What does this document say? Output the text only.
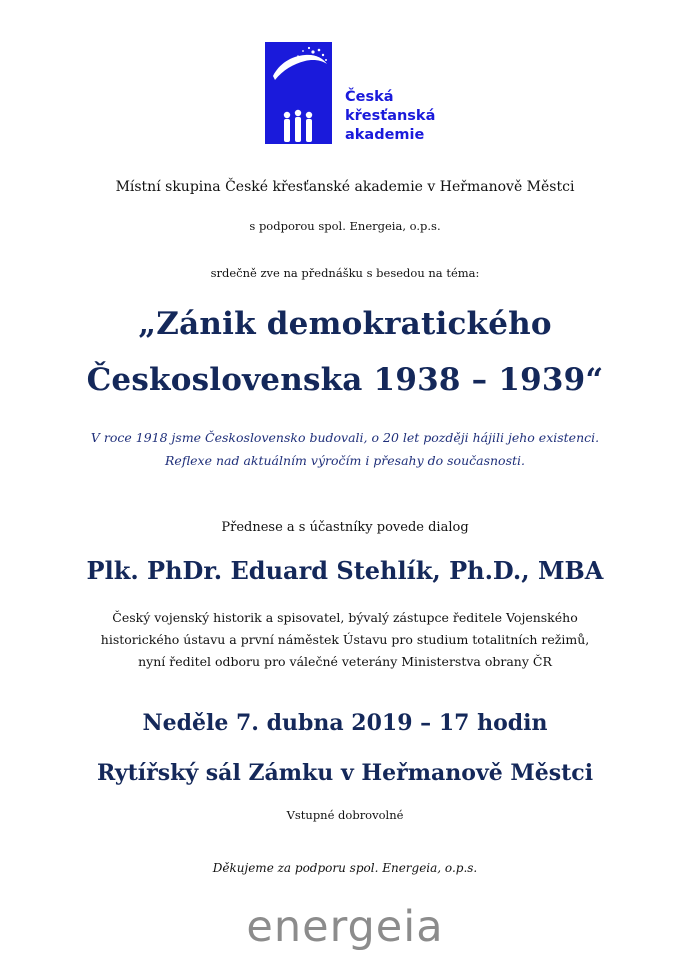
Česká
křesťanská
akademie
Místní skupina České křesťanské akademie v Heřmanově Městci
s podporou spol. Energeia, o.p.s.
srdečně zve na přednášku s besedou na téma:
„Zánik demokratického
Československa 1938 – 1939“
V roce 1918 jsme Československo budovali, o 20 let později hájili jeho existenci.
Reflexe nad aktuálním výročím i přesahy do současnosti.
Přednese a s účastníky povede dialog
Plk. PhDr. Eduard Stehlík, Ph.D., MBA
Český vojenský historik a spisovatel, bývalý zástupce ředitele Vojenského
historického ústavu a první náměstek Ústavu pro studium totalitních režimů,
nyní ředitel odboru pro válečné veterány Ministerstva obrany ČR
Neděle 7. dubna 2019 – 17 hodin
Rytířský sál Zámku v Heřmanově Městci
Vstupné dobrovolné
Děkujeme za podporu spol. Energeia, o.p.s.
energeia
